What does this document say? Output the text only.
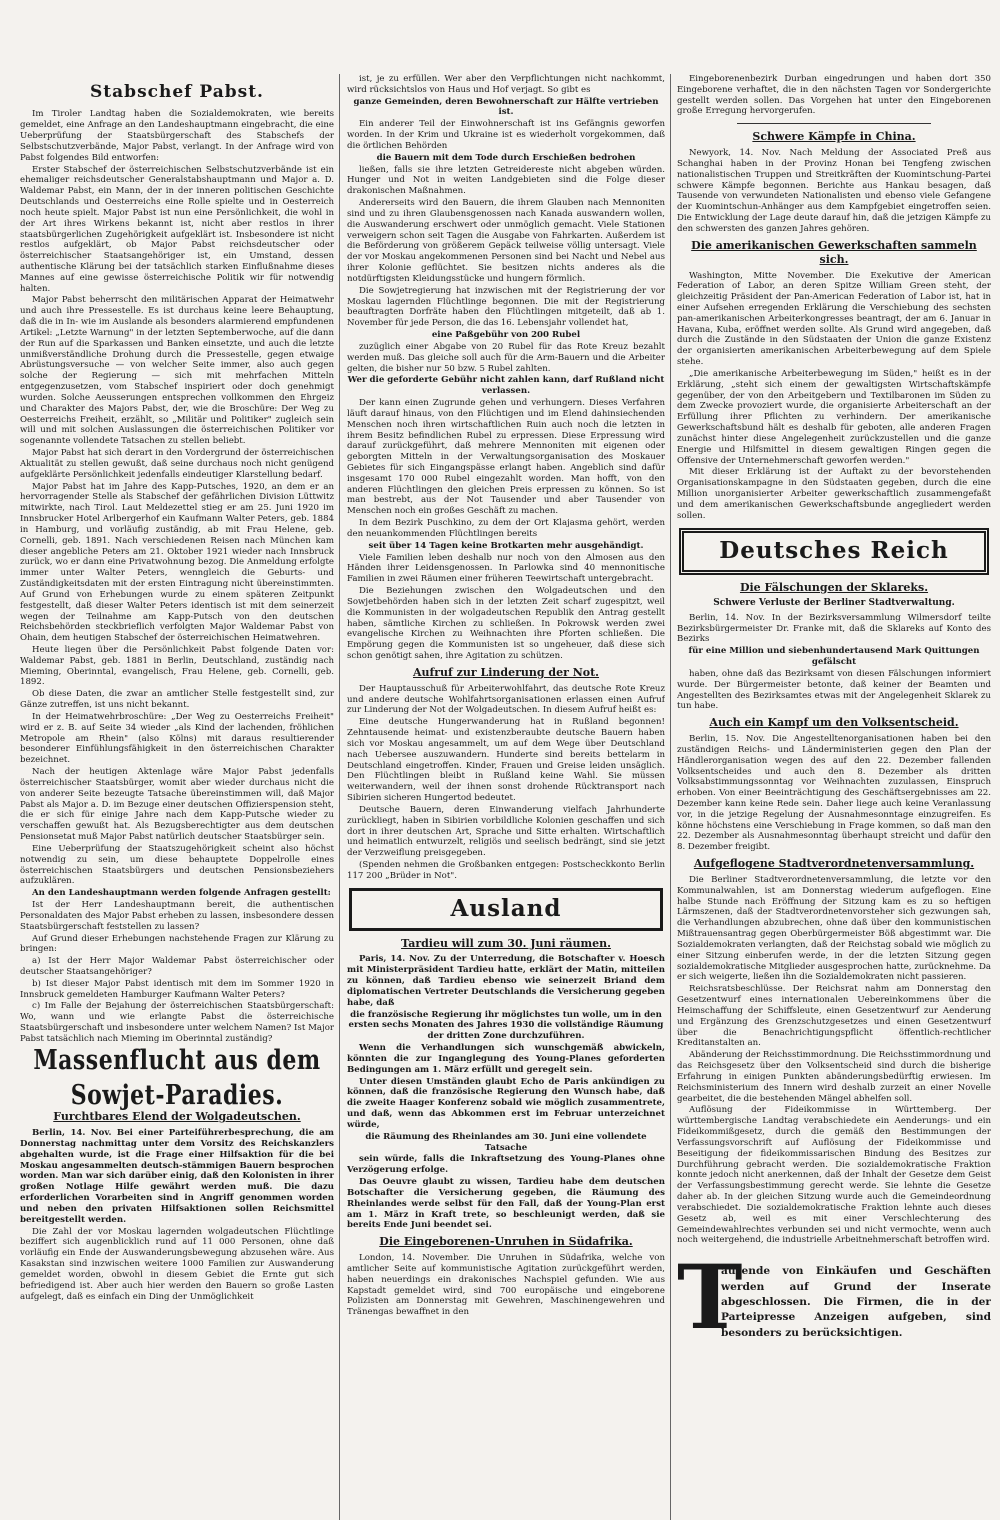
Stabschef Pabst.

Im Tiroler Landtag haben die Sozialdemokraten, wie bereits gemeldet, eine Anfrage an den Landeshauptmann eingebracht, die eine Ueberprüfung der Staatsbürgerschaft des Stabschefs der Selbstschutzverbände, Major Pabst, verlangt. In der Anfrage wird von Pabst folgendes Bild entworfen:

Erster Stabschef der österreichischen Selbstschutzverbände ist ein ehemaliger reichsdeutscher Generalstabshauptmann und Major a. D. Waldemar Pabst, ein Mann, der in der inneren politischen Geschichte Deutschlands und Oesterreichs eine Rolle spielte und in Oesterreich noch heute spielt. Major Pabst ist nun eine Persönlichkeit, die wohl in der Art ihres Wirkens bekannt ist, nicht aber restlos in ihrer staatsbürgerlichen Zugehörigkeit aufgeklärt ist. Insbesondere ist nicht restlos aufgeklärt, ob Major Pabst reichsdeutscher oder österreichischer Staatsangehöriger ist, ein Umstand, dessen authentische Klärung bei der tatsächlich starken Einflußnahme dieses Mannes auf eine gewisse österreichische Politik wir für notwendig halten.

Major Pabst beherrscht den militärischen Apparat der Heimatwehr und auch ihre Pressestelle. Es ist durchaus keine leere Behauptung, daß die in In- wie im Auslande als besonders alarmierend empfundenen Artikel: „Letzte Warnung" in der letzten Septemberwoche, auf die dann der Run auf die Sparkassen und Banken einsetzte, und auch die letzte unmißverständliche Drohung durch die Pressestelle, gegen etwaige Abrüstungsversuche — von welcher Seite immer, also auch gegen solche der Regierung — sich mit mehrfachen Mitteln entgegenzusetzen, vom Stabschef inspiriert oder doch genehmigt wurden. Solche Aeusserungen entsprechen vollkommen den Ehrgeiz und Charakter des Majors Pabst, der, wie die Broschüre: Der Weg zu Oesterreichs Freiheit, erzählt, so „Militär und Politiker" zugleich sein will und mit solchen Auslassungen die österreichischen Politiker vor sogenannte vollendete Tatsachen zu stellen beliebt.

Major Pabst hat sich derart in den Vordergrund der österreichischen Aktualität zu stellen gewußt, daß seine durchaus noch nicht genügend aufgeklärte Persönlichkeit jedenfalls eindeutiger Klarstellung bedarf.

Major Pabst hat im Jahre des Kapp-Putsches, 1920, an dem er an hervorragender Stelle als Stabschef der gefährlichen Division Lüttwitz mitwirkte, nach Tirol. Laut Meldezettel stieg er am 25. Juni 1920 im Innsbrucker Hotel Arlbergerhof ein Kaufmann Walter Peters, geb. 1884 in Hamburg, und vorläufig zuständig, ab mit Frau Helene, geb. Cornelli, geb. 1891. Nach verschiedenen Reisen nach München kam dieser angebliche Peters am 21. Oktober 1921 wieder nach Innsbruck zurück, wo er dann eine Privatwohnung bezog. Die Anmeldung erfolgte immer unter Walter Peters, wenngleich die Geburts- und Zuständigkeitsdaten mit der ersten Eintragung nicht übereinstimmten. Auf Grund von Erhebungen wurde zu einem späteren Zeitpunkt festgestellt, daß dieser Walter Peters identisch ist mit dem seinerzeit wegen der Teilnahme am Kapp-Putsch von den deutschen Reichsbehörden steckbrieflich verfolgten Major Waldemar Pabst von Ohain, dem heutigen Stabschef der österreichischen Heimatwehren.

Heute liegen über die Persönlichkeit Pabst folgende Daten vor: Waldemar Pabst, geb. 1881 in Berlin, Deutschland, zuständig nach Mieming, Oberinntal, evangelisch, Frau Helene, geb. Cornelli, geb. 1892.

Ob diese Daten, die zwar an amtlicher Stelle festgestellt sind, zur Gänze zutreffen, ist uns nicht bekannt.

In der Heimatwehrbroschüre: „Der Weg zu Oesterreichs Freiheit" wird er z. B. auf Seite 34 wieder „als Kind der lachenden, fröhlichen Metropole am Rhein" (also Kölns) mit daraus resultierender besonderer Einfühlungsfähigkeit in den österreichischen Charakter bezeichnet.

Nach der heutigen Aktenlage wäre Major Pabst jedenfalls österreichischer Staatsbürger, womit aber wieder durchaus nicht die von anderer Seite bezeugte Tatsache übereinstimmen will, daß Major Pabst als Major a. D. im Bezuge einer deutschen Offizierspension steht, die er sich für einige Jahre nach dem Kapp-Putsche wieder zu verschaffen gewußt hat. Als Bezugsberechtigter aus dem deutschen Pensionsetat muß Major Pabst natürlich deutscher Staatsbürger sein.

Eine Ueberprüfung der Staatszugehörigkeit scheint also höchst notwendig zu sein, um diese behauptete Doppelrolle eines österreichischen Staatsbürgers und deutschen Pensionsbeziehers aufzuklären.

An den Landeshauptmann werden folgende Anfragen gestellt:

Ist der Herr Landeshauptmann bereit, die authentischen Personaldaten des Major Pabst erheben zu lassen, insbesondere dessen Staatsbürgerschaft feststellen zu lassen?

Auf Grund dieser Erhebungen nachstehende Fragen zur Klärung zu bringen:

a) Ist der Herr Major Waldemar Pabst österreichischer oder deutscher Staatsangehöriger?

b) Ist dieser Major Pabst identisch mit dem im Sommer 1920 in Innsbruck gemeldeten Hamburger Kaufmann Walter Peters?

c) Im Falle der Bejahung der österreichischen Staatsbürgerschaft: Wo, wann und wie erlangte Pabst die österreichische Staatsbürgerschaft und insbesondere unter welchem Namen? Ist Major Pabst tatsächlich nach Mieming im Oberinntal zuständig?

Massenflucht aus dem Sowjet-Paradies.
Furchtbares Elend der Wolgadeutschen.

Berlin, 14. Nov. Bei einer Parteiführerbesprechung, die am Donnerstag nachmittag unter dem Vorsitz des Reichskanzlers abgehalten wurde, ist die Frage einer Hilfsaktion für die bei Moskau angesammelten deutsch-stämmigen Bauern besprochen worden. Man war sich darüber einig, daß den Kolonisten in ihrer großen Notlage Hilfe gewährt werden muß. Die dazu erforderlichen Vorarbeiten sind in Angriff genommen worden und neben den privaten Hilfsaktionen sollen Reichsmittel bereitgestellt werden.

Die Zahl der vor Moskau lagernden wolgadeutschen Flüchtlinge beziffert sich augenblicklich rund auf 11 000 Personen, ohne daß vorläufig ein Ende der Auswanderungsbewegung abzusehen wäre. Aus Kasakstan sind inzwischen weitere 1000 Familien zur Auswanderung gemeldet worden, obwohl in diesem Gebiet die Ernte gut sich befriedigend ist. Aber auch hier werden den Bauern so große Lasten aufgelegt, daß es einfach ein Ding der Unmöglichkeit

ist, je zu erfüllen. Wer aber den Verpflichtungen nicht nachkommt, wird rücksichtslos von Haus und Hof verjagt. So gibt es

ganze Gemeinden, deren Bewohnerschaft zur Hälfte vertrieben ist.

Ein anderer Teil der Einwohnerschaft ist ins Gefängnis geworfen worden. In der Krim und Ukraine ist es wiederholt vorgekommen, daß die örtlichen Behörden

die Bauern mit dem Tode durch Erschießen bedrohen

ließen, falls sie ihre letzten Getreidereste nicht abgeben würden. Hunger und Not in weiten Landgebieten sind die Folge dieser drakonischen Maßnahmen.

Andererseits wird den Bauern, die ihrem Glauben nach Mennoniten sind und zu ihren Glaubensgenossen nach Kanada auswandern wollen, die Auswanderung erschwert oder unmöglich gemacht. Viele Stationen verweigern schon seit Tagen die Ausgabe von Fahrkarten. Außerdem ist die Beförderung von größerem Gepäck teilweise völlig untersagt. Viele der vor Moskau angekommenen Personen sind bei Nacht und Nebel aus ihrer Kolonie geflüchtet. Sie besitzen nichts anderes als die notdürftigsten Kleidungsstücke und hungern förmlich.

Die Sowjetregierung hat inzwischen mit der Registrierung der vor Moskau lagernden Flüchtlinge begonnen. Die mit der Registrierung beauftragten Dorfräte haben den Flüchtlingen mitgeteilt, daß ab 1. November für jede Person, die das 16. Lebensjahr vollendet hat,

eine Paßgebühr von 200 Rubel

zuzüglich einer Abgabe von 20 Rubel für das Rote Kreuz bezahlt werden muß. Das gleiche soll auch für die Arm-Bauern und die Arbeiter gelten, die bisher nur 50 bzw. 5 Rubel zahlten.

Wer die geforderte Gebühr nicht zahlen kann, darf Rußland nicht verlassen.

Der kann einen Zugrunde gehen und verhungern. Dieses Verfahren läuft darauf hinaus, von den Flüchtigen und im Elend dahinsiechenden Menschen noch ihren wirtschaftlichen Ruin auch noch die letzten in ihrem Besitz befindlichen Rubel zu erpressen. Diese Erpressung wird darauf zurückgeführt, daß mehrere Mennoniten mit eigenen oder geborgten Mitteln in der Verwaltungsorganisation des Moskauer Gebietes für sich Eingangspässe erlangt haben. Angeblich sind dafür insgesamt 170 000 Rubel eingezahlt worden. Man hofft, von den anderen Flüchtlingen den gleichen Preis erpressen zu können. So ist man bestrebt, aus der Not Tausender und aber Tausender von Menschen noch ein großes Geschäft zu machen.

In dem Bezirk Puschkino, zu dem der Ort Klajasma gehört, werden den neuankommenden Flüchtlingen bereits

seit über 14 Tagen keine Brotkarten mehr ausgehändigt.

Viele Familien leben deshalb nur noch von den Almosen aus den Händen ihrer Leidensgenossen. In Parlowka sind 40 mennonitische Familien in zwei Räumen einer früheren Teewirtschaft untergebracht.

Die Beziehungen zwischen den Wolgadeutschen und den Sowjetbehörden haben sich in der letzten Zeit scharf zugespitzt, weil die Kommunisten in der wolgadeutschen Republik den Antrag gestellt haben, sämtliche Kirchen zu schließen. In Pokrowsk werden zwei evangelische Kirchen zu Weihnachten ihre Pforten schließen. Die Empörung gegen die Kommunisten ist so ungeheuer, daß diese sich schon genötigt sahen, ihre Agitation zu schützen.

Aufruf zur Linderung der Not.

Der Hauptausschuß für Arbeiterwohlfahrt, das deutsche Rote Kreuz und andere deutsche Wohlfahrtsorganisationen erlassen einen Aufruf zur Linderung der Not der Wolgadeutschen. In diesem Aufruf heißt es:

Eine deutsche Hungerwanderung hat in Rußland begonnen! Zehntausende heimat- und existenzberaubte deutsche Bauern haben sich vor Moskau angesammelt, um auf dem Wege über Deutschland nach Uebersee auszuwandern. Hunderte sind bereits bettelarm in Deutschland eingetroffen. Kinder, Frauen und Greise leiden unsäglich. Den Flüchtlingen bleibt in Rußland keine Wahl. Sie müssen weiterwandern, weil der ihnen sonst drohende Rücktransport nach Sibirien sicheren Hungertod bedeutet.

Deutsche Bauern, deren Einwanderung vielfach Jahrhunderte zurückliegt, haben in Sibirien vorbildliche Kolonien geschaffen und sich dort in ihrer deutschen Art, Sprache und Sitte erhalten. Wirtschaftlich und heimatlich entwurzelt, religiös und seelisch bedrängt, sind sie jetzt der Verzweiflung preisgegeben.

(Spenden nehmen die Großbanken entgegen: Postscheckkonto Berlin 117 200 „Brüder in Not".

Ausland
Tardieu will zum 30. Juni räumen.

Paris, 14. Nov. Zu der Unterredung, die Botschafter v. Hoesch mit Ministerpräsident Tardieu hatte, erklärt der Matin, mitteilen zu können, daß Tardieu ebenso wie seinerzeit Briand dem diplomatischen Vertreter Deutschlands die Versicherung gegeben habe, daß

die französische Regierung ihr möglichstes tun wolle, um in den ersten sechs Monaten des Jahres 1930 die vollständige Räumung der dritten Zone durchzuführen.

Wenn die Verhandlungen sich wunschgemäß abwickeln, könnten die zur Inganglegung des Young-Planes geforderten Bedingungen am 1. März erfüllt und geregelt sein.

Unter diesen Umständen glaubt Echo de Paris ankündigen zu können, daß die französische Regierung den Wunsch habe, daß die zweite Haager Konferenz sobald wie möglich zusammentrete, und daß, wenn das Abkommen erst im Februar unterzeichnet würde,

die Räumung des Rheinlandes am 30. Juni eine vollendete Tatsache

sein würde, falls die Inkraftsetzung des Young-Planes ohne Verzögerung erfolge.

Das Oeuvre glaubt zu wissen, Tardieu habe dem deutschen Botschafter die Versicherung gegeben, die Räumung des Rheinlandes werde selbst für den Fall, daß der Young-Plan erst am 1. März in Kraft trete, so beschleunigt werden, daß sie bereits Ende Juni beendet sei.

Die Eingeborenen-Unruhen in Südafrika.

London, 14. November. Die Unruhen in Südafrika, welche von amtlicher Seite auf kommunistische Agitation zurückgeführt werden, haben neuerdings ein drakonisches Nachspiel gefunden. Wie aus Kapstadt gemeldet wird, sind 700 europäische und eingeborene Polizisten am Donnerstag mit Gewehren, Maschinengewehren und Tränengas bewaffnet in den

Eingeborenenbezirk Durban eingedrungen und haben dort 350 Eingeborene verhaftet, die in den nächsten Tagen vor Sondergerichte gestellt werden sollen. Das Vorgehen hat unter den Eingeborenen große Erregung hervorgerufen.

Schwere Kämpfe in China.

Newyork, 14. Nov. Nach Meldung der Associated Preß aus Schanghai haben in der Provinz Honan bei Tengfeng zwischen nationalistischen Truppen und Streitkräften der Kuomintschung-Partei schwere Kämpfe begonnen. Berichte aus Hankau besagen, daß Tausende von verwundeten Nationalisten und ebenso viele Gefangene der Kuomintschun-Anhänger aus dem Kampfgebiet eingetroffen seien. Die Entwicklung der Lage deute darauf hin, daß die jetzigen Kämpfe zu den schwersten des ganzen Jahres gehören.

Die amerikanischen Gewerkschaften sammeln sich.

Washington, Mitte November. Die Exekutive der American Federation of Labor, an deren Spitze William Green steht, der gleichzeitig Präsident der Pan-American Federation of Labor ist, hat in einer Aufsehen erregenden Erklärung die Verschiebung des sechsten pan-amerikanischen Arbeiterkongresses beantragt, der am 6. Januar in Havana, Kuba, eröffnet werden sollte. Als Grund wird angegeben, daß durch die Zustände in den Südstaaten der Union die ganze Existenz der organisierten amerikanischen Arbeiterbewegung auf dem Spiele stehe.

„Die amerikanische Arbeiterbewegung im Süden," heißt es in der Erklärung, „steht sich einem der gewaltigsten Wirtschaftskämpfe gegenüber, der von den Arbeitgebern und Textilbaronen im Süden zu dem Zwecke provoziert wurde, die organisierte Arbeiterschaft an der Erfüllung ihrer Pflichten zu verhindern. Der amerikanische Gewerkschaftsbund hält es deshalb für geboten, alle anderen Fragen zunächst hinter diese Angelegenheit zurückzustellen und die ganze Energie und Hilfsmittel in diesem gewaltigen Ringen gegen die Offensive der Unternehmerschaft geworfen werden."

Mit dieser Erklärung ist der Auftakt zu der bevorstehenden Organisationskampagne in den Südstaaten gegeben, durch die eine Million unorganisierter Arbeiter gewerkschaftlich zusammengefaßt und dem amerikanischen Gewerkschaftsbunde angegliedert werden sollen.

Deutsches Reich
Die Fälschungen der Sklareks.
Schwere Verluste der Berliner Stadtverwaltung.

Berlin, 14. Nov. In der Bezirksversammlung Wilmersdorf teilte Bezirksbürgermeister Dr. Franke mit, daß die Sklareks auf Konto des Bezirks

für eine Million und siebenhundertausend Mark Quittungen gefälscht

haben, ohne daß das Bezirksamt von diesen Fälschungen informiert wurde. Der Bürgermeister betonte, daß keiner der Beamten und Angestellten des Bezirksamtes etwas mit der Angelegenheit Sklarek zu tun habe.

Auch ein Kampf um den Volksentscheid.

Berlin, 15. Nov. Die Angestelltenorganisationen haben bei den zuständigen Reichs- und Länderministerien gegen den Plan der Händlerorganisation wegen des auf den 22. Dezember fallenden Volksentscheides und auch den 8. Dezember als dritten Volksabstimmungssonntag vor Weihnachten zuzulassen, Einspruch erhoben. Von einer Beeinträchtigung des Geschäftsergebnisses am 22. Dezember kann keine Rede sein. Daher liege auch keine Veranlassung vor, in die jetzige Regelung der Ausnahmesonntage einzugreifen. Es könne höchstens eine Verschiebung in Frage kommen, so daß man den 22. Dezember als Ausnahmesonntag überhaupt streicht und dafür den 8. Dezember freigibt.

Aufgeflogene Stadtverordnetenversammlung.

Die Berliner Stadtverordnetenversammlung, die letzte vor den Kommunalwahlen, ist am Donnerstag wiederum aufgeflogen. Eine halbe Stunde nach Eröffnung der Sitzung kam es zu so heftigen Lärmszenen, daß der Stadtverordnetenvorsteher sich gezwungen sah, die Verhandlungen abzubrechen, ohne daß über den kommunistischen Mißtrauensantrag gegen Oberbürgermeister Böß abgestimmt war. Die Sozialdemokraten verlangten, daß der Reichstag sobald wie möglich zu einer Sitzung einberufen werde, in der die letzten Sitzung gegen sozialdemokratische Mitglieder ausgesprochen hatte, zurücknehme. Da er sich weigerte, ließen ihn die Sozialdemokraten nicht passieren.

Reichsratsbeschlüsse. Der Reichsrat nahm am Donnerstag den Gesetzentwurf eines internationalen Uebereinkommens über die Heimschaffung der Schiffsleute, einen Gesetzentwurf zur Aenderung und Ergänzung des Grenzschutzgesetzes und einen Gesetzentwurf über die Benachrichtigungspflicht öffentlich-rechtlicher Kreditanstalten an.

Abänderung der Reichsstimmordnung. Die Reichsstimmordnung und das Reichsgesetz über den Volksentscheid sind durch die bisherige Erfahrung in einigen Punkten abänderungsbedürftig erwiesen. Im Reichsministerium des Innern wird deshalb zurzeit an einer Novelle gearbeitet, die die bestehenden Mängel abhelfen soll.

Auflösung der Fideikommisse in Württemberg. Der württembergische Landtag verabschiedete ein Aenderungs- und ein Fideikommißgesetz, durch die gemäß den Bestimmungen der Verfassungsvorschrift auf Auflösung der Fideikommisse und Beseitigung der fideikommissarischen Bindung des Besitzes zur Durchführung gebracht werden. Die sozialdemokratische Fraktion konnte jedoch nicht anerkennen, daß der Inhalt der Gesetze dem Geist der Verfassungsbestimmung gerecht werde. Sie lehnte die Gesetze daher ab. In der gleichen Sitzung wurde auch die Gemeindeordnung verabschiedet. Die sozialdemokratische Fraktion lehnte auch dieses Gesetz ab, weil es mit einer Verschlechterung des Gemeindewahlrechtes verbunden sei und nicht vermochte, wenn auch noch weitergehend, die industrielle Arbeitnehmerschaft betroffen wird.

T
ausende von Einkäufen und Geschäften werden auf Grund der Inserate abgeschlossen. Die Firmen, die in der Parteipresse Anzeigen aufgeben, sind besonders zu berücksichtigen.
